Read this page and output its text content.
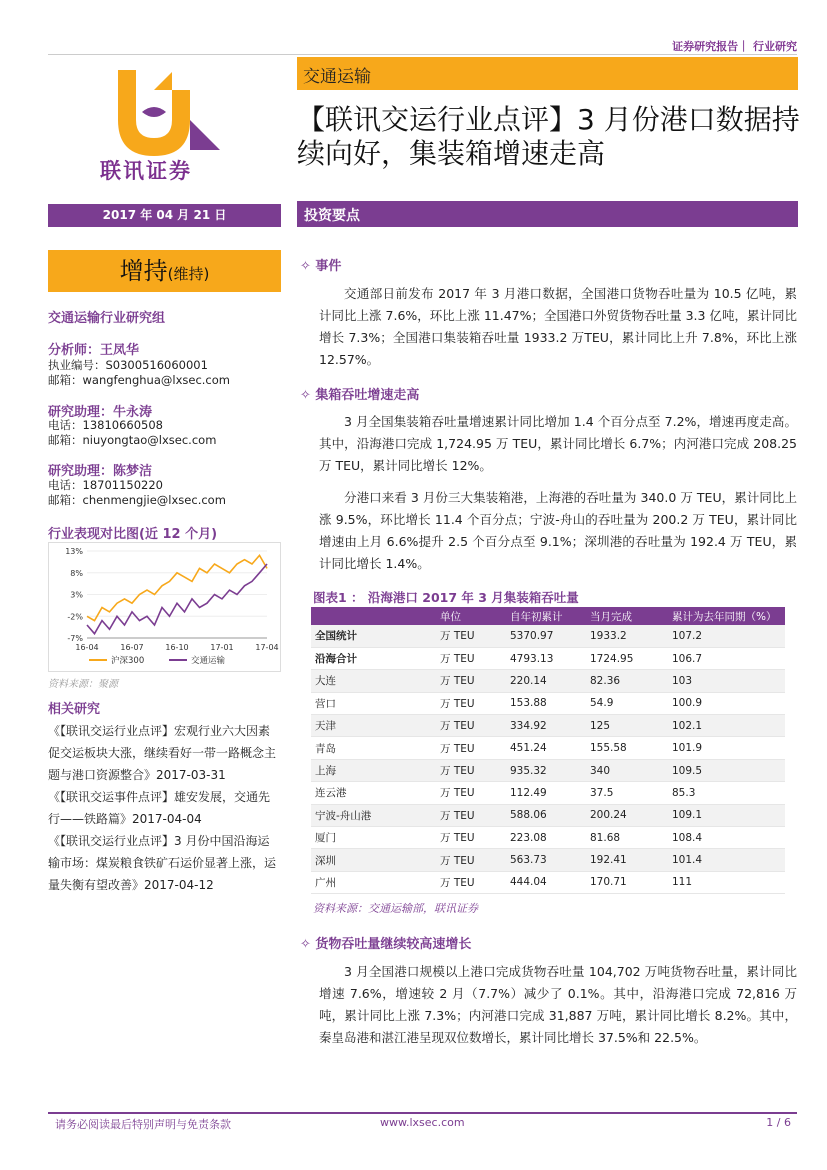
证券研究报告｜ 行业研究
联讯证券
交通运输
【联讯交运行业点评】3 月份港口数据持续向好，集装箱增速走高
2017 年 04 月 21 日	投资要点
增持(维持)
交通运输行业研究组
分析师：王凤华
执业编号：S0300516060001
邮箱：wangfenghua@lxsec.com
研究助理：牛永涛
电话：13810660508
邮箱：niuyongtao@lxsec.com
研究助理：陈梦洁
电话：18701150220
邮箱：chenmengjie@lxsec.com
行业表现对比图(近 12 个月)
13%
8%
3%
-2%
-7%
16-04	16-07	16-10	17-01	17-04
沪深300	交通运输
资料来源：聚源
相关研究
《【联讯交运行业点评】宏观行业六大因素促交运板块大涨，继续看好一带一路概念主题与港口资源整合》2017-03-31
《【联讯交运事件点评】雄安发展，交通先行——铁路篇》2017-04-04
《【联讯交运行业点评】3 月份中国沿海运输市场：煤炭粮食铁矿石运价显著上涨，运量失衡有望改善》2017-04-12
✧ 事件
交通部日前发布 2017 年 3 月港口数据，全国港口货物吞吐量为 10.5 亿吨，累计同比上涨 7.6%，环比上涨 11.47%；全国港口外贸货物吞吐量 3.3 亿吨，累计同比增长 7.3%；全国港口集装箱吞吐量 1933.2 万TEU，累计同比上升 7.8%，环比上涨 12.57%。
✧ 集箱吞吐增速走高
3 月全国集装箱吞吐量增速累计同比增加 1.4 个百分点至 7.2%，增速再度走高。其中，沿海港口完成 1,724.95 万 TEU，累计同比增长 6.7%；内河港口完成 208.25 万 TEU，累计同比增长 12%。
分港口来看 3 月份三大集装箱港，上海港的吞吐量为 340.0 万 TEU，累计同比上涨 9.5%，环比增长 11.4 个百分点；宁波-舟山的吞吐量为 200.2 万 TEU，累计同比增速由上月 6.6%提升 2.5 个百分点至 9.1%；深圳港的吞吐量为 192.4 万 TEU，累计同比增长 1.4%。
图表1 ： 沿海港口 2017 年 3 月集装箱吞吐量
	单位	自年初累计	当月完成	累计为去年同期（%）
全国统计	万 TEU	5370.97	1933.2	107.2
沿海合计	万 TEU	4793.13	1724.95	106.7
大连	万 TEU	220.14	82.36	103
营口	万 TEU	153.88	54.9	100.9
天津	万 TEU	334.92	125	102.1
青岛	万 TEU	451.24	155.58	101.9
上海	万 TEU	935.32	340	109.5
连云港	万 TEU	112.49	37.5	85.3
宁波-舟山港	万 TEU	588.06	200.24	109.1
厦门	万 TEU	223.08	81.68	108.4
深圳	万 TEU	563.73	192.41	101.4
广州	万 TEU	444.04	170.71	111
资料来源：交通运输部，联讯证券
✧ 货物吞吐量继续较高速增长
3 月全国港口规模以上港口完成货物吞吐量 104,702 万吨货物吞吐量，累计同比增速 7.6%，增速较 2 月（7.7%）减少了 0.1%。其中，沿海港口完成 72,816 万吨，累计同比上涨 7.3%；内河港口完成 31,887 万吨，累计同比增长 8.2%。其中，秦皇岛港和湛江港呈现双位数增长，累计同比增长 37.5%和 22.5%。
请务必阅读最后特别声明与免责条款	www.lxsec.com	1 / 6
